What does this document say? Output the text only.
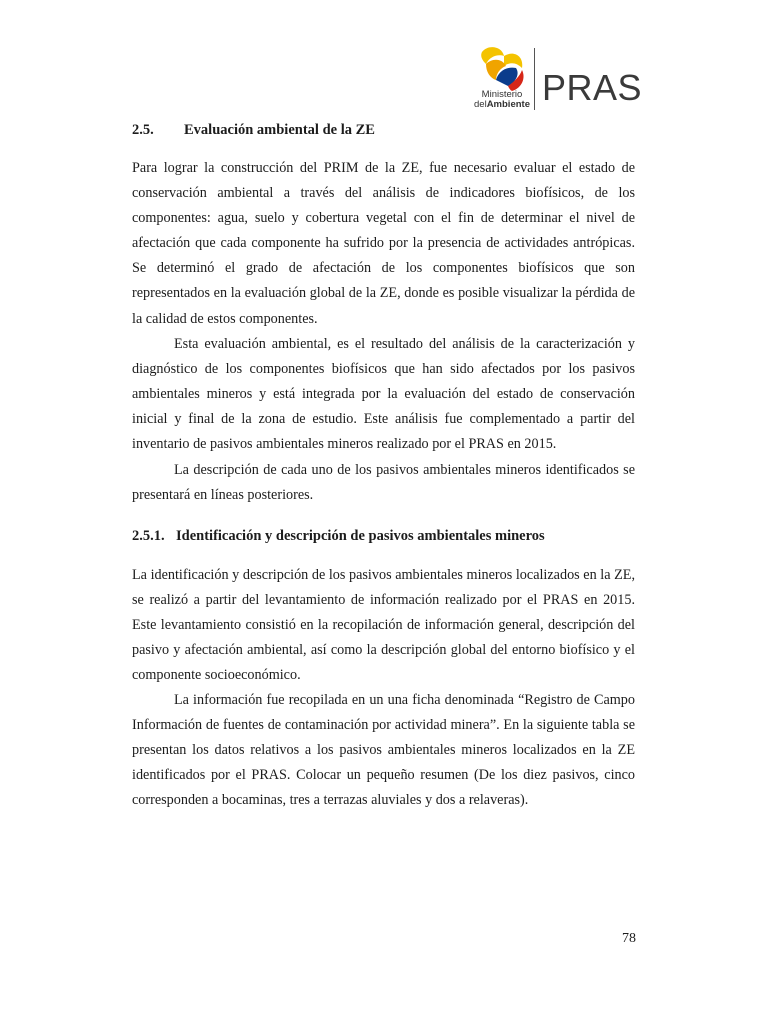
Ministerio
delAmbiente PRAS
2.5. Evaluación ambiental de la ZE

Para lograr la construcción del PRIM de la ZE, fue necesario evaluar el estado de conservación ambiental a través del análisis de indicadores biofísicos, de los componentes: agua, suelo y cobertura vegetal con el fin de determinar el nivel de afectación que cada componente ha sufrido por la presencia de actividades antrópicas. Se determinó el grado de afectación de los componentes biofísicos que son representados en la evaluación global de la ZE, donde es posible visualizar la pérdida de la calidad de estos componentes.

Esta evaluación ambiental, es el resultado del análisis de la caracterización y diagnóstico de los componentes biofísicos que han sido afectados por los pasivos ambientales mineros y está integrada por la evaluación del estado de conservación inicial y final de la zona de estudio. Este análisis fue complementado a partir del inventario de pasivos ambientales mineros realizado por el PRAS en 2015.

La descripción de cada uno de los pasivos ambientales mineros identificados se presentará en líneas posteriores.

2.5.1. Identificación y descripción de pasivos ambientales mineros

La identificación y descripción de los pasivos ambientales mineros localizados en la ZE, se realizó a partir del levantamiento de información realizado por el PRAS en 2015. Este levantamiento consistió en la recopilación de información general, descripción del pasivo y afectación ambiental, así como la descripción global del entorno biofísico y el componente socioeconómico.

La información fue recopilada en un una ficha denominada “Registro de Campo Información de fuentes de contaminación por actividad minera”. En la siguiente tabla se presentan los datos relativos a los pasivos ambientales mineros localizados en la ZE identificados por el PRAS. Colocar un pequeño resumen (De los diez pasivos, cinco corresponden a bocaminas, tres a terrazas aluviales y dos a relaveras).

78
